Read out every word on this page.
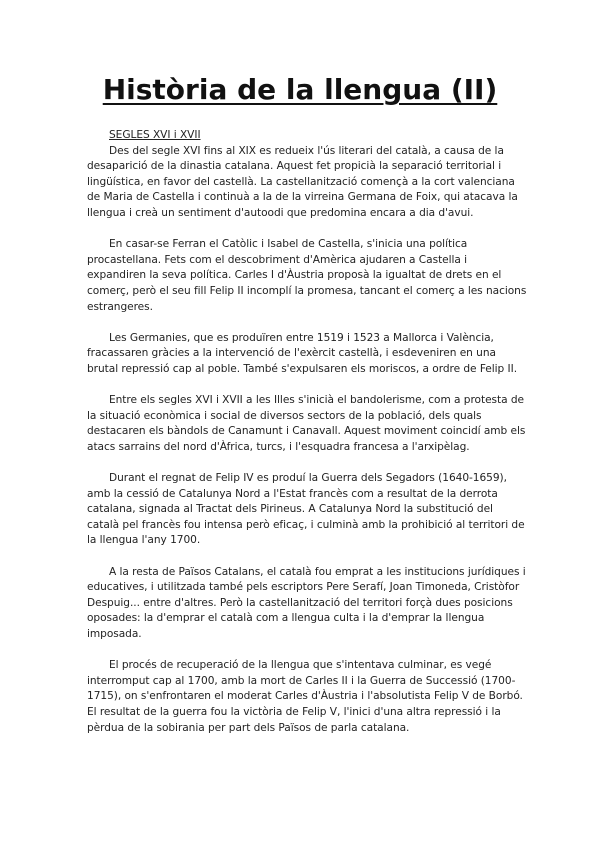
Història de la llengua (II)

SEGLES XVI i XVII

Des del segle XVI fins al XIX es redueix l'ús literari del català, a causa de la desaparició de la dinastia catalana. Aquest fet propicià la separació territorial i lingüística, en favor del castellà. La castellanització començà a la cort valenciana de Maria de Castella i continuà a la de la virreina Germana de Foix, qui atacava la llengua i creà un sentiment d'autoodi que predomina encara a dia d'avui.

En casar-se Ferran el Catòlic i Isabel de Castella, s'inicia una política procastellana. Fets com el descobriment d'Amèrica ajudaren a Castella i expandiren la seva política. Carles I d'Àustria proposà la igualtat de drets en el comerç, però el seu fill Felip II incomplí la promesa, tancant el comerç a les nacions estrangeres.

Les Germanies, que es produïren entre 1519 i 1523 a Mallorca i València, fracassaren gràcies a la intervenció de l'exèrcit castellà, i esdeveniren en una brutal repressió cap al poble. També s'expulsaren els moriscos, a ordre de Felip II.

Entre els segles XVI i XVII a les Illes s'inicià el bandolerisme, com a protesta de la situació econòmica i social de diversos sectors de la població, dels quals destacaren els bàndols de Canamunt i Canavall. Aquest moviment coincidí amb els atacs sarrains del nord d'Àfrica, turcs, i l'esquadra francesa a l'arxipèlag.

Durant el regnat de Felip IV es produí la Guerra dels Segadors (1640-1659), amb la cessió de Catalunya Nord a l'Estat francès com a resultat de la derrota catalana, signada al Tractat dels Pirineus. A Catalunya Nord la substitució del català pel francès fou intensa però eficaç, i culminà amb la prohibició al territori de la llengua l'any 1700.

A la resta de Països Catalans, el català fou emprat a les institucions jurídiques i educatives, i utilitzada també pels escriptors Pere Serafí, Joan Timoneda, Cristòfor Despuig... entre d'altres. Però la castellanització del territori forçà dues posicions oposades: la d'emprar el català com a llengua culta i la d'emprar la llengua imposada.

El procés de recuperació de la llengua que s'intentava culminar, es vegé interromput cap al 1700, amb la mort de Carles II i la Guerra de Successió (1700-1715), on s'enfrontaren el moderat Carles d'Àustria i l'absolutista Felip V de Borbó. El resultat de la guerra fou la victòria de Felip V, l'inici d'una altra repressió i la pèrdua de la sobirania per part dels Països de parla catalana.
